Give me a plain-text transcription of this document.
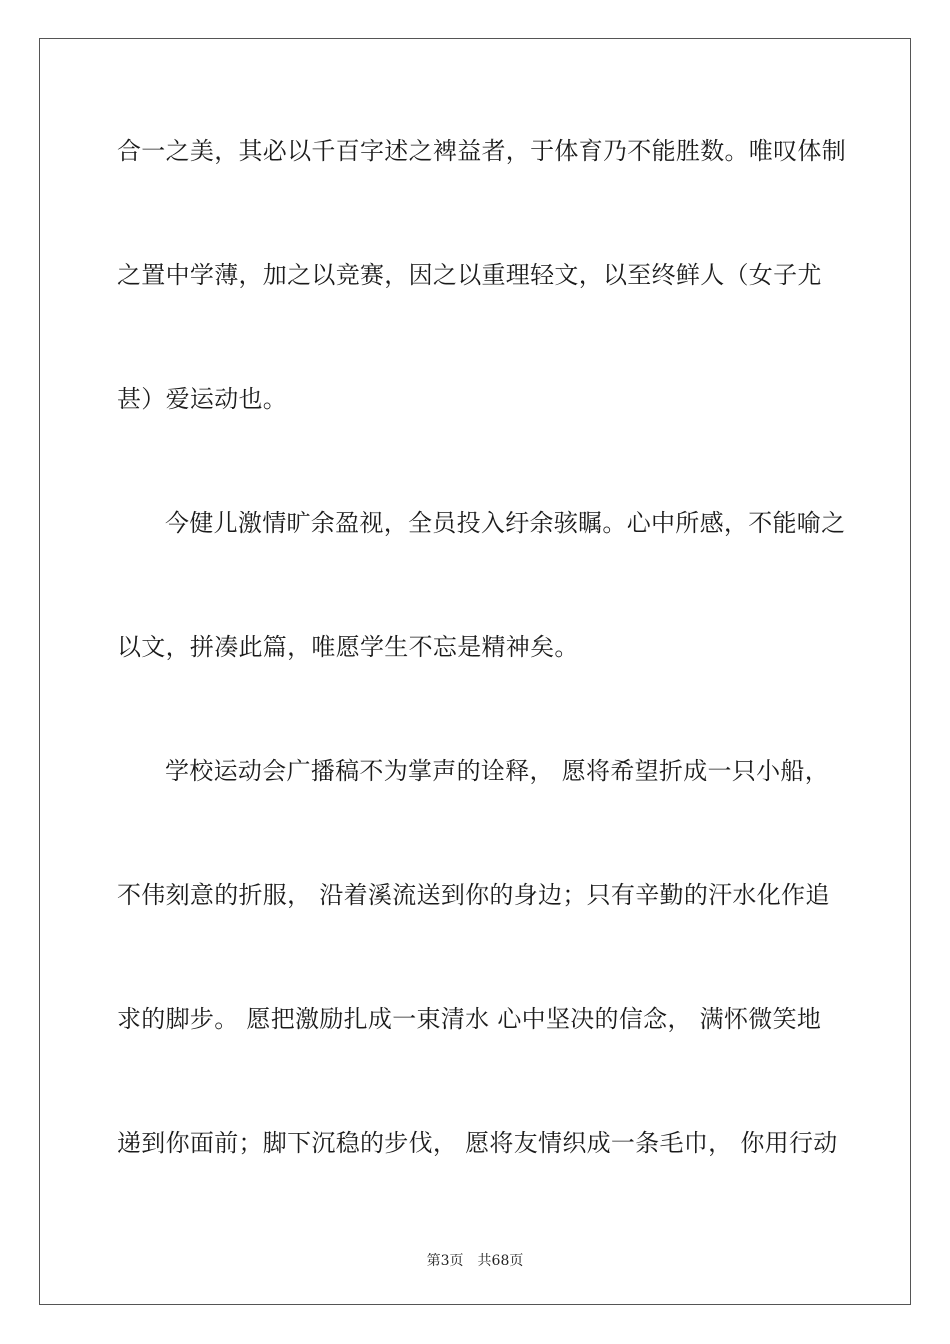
合一之美，其必以千百字述之裨益者，于体育乃不能胜数。唯叹体制
之置中学薄，加之以竞赛，因之以重理轻文，以至终鲜人（女子尤
甚）爱运动也。
今健儿激情旷余盈视，全员投入纡余骇瞩。心中所感，不能喻之
以文，拼凑此篇，唯愿学生不忘是精神矣。
学校运动会广播稿不为掌声的诠释， 愿将希望折成一只小船，
不伟刻意的折服， 沿着溪流送到你的身边；只有辛勤的汗水化作追
求的脚步。 愿把激励扎成一束清水 心中坚决的信念， 满怀微笑地
递到你面前；脚下沉稳的步伐， 愿将友情织成一条毛巾， 你用行动
第3页 共68页
